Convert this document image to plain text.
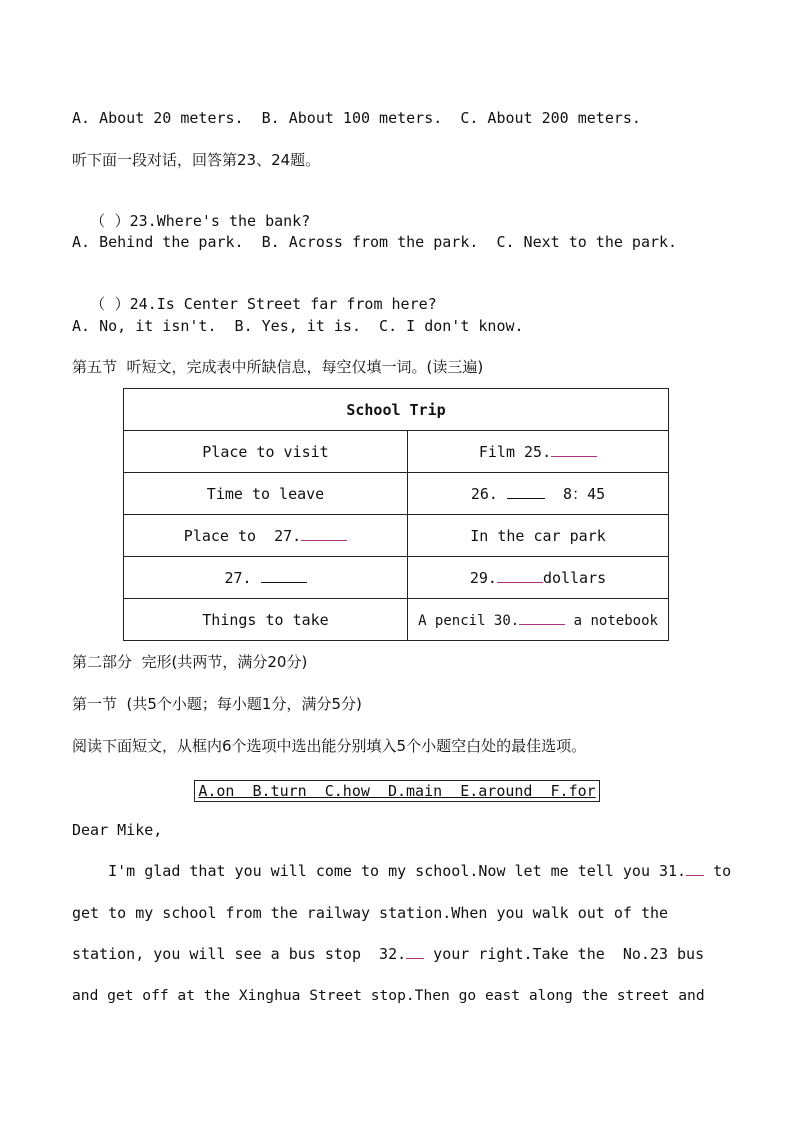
A. About 20 meters.  B. About 100 meters.  C. About 200 meters.
听下面一段对话，回答第23、24题。

（  ）23.Where's the bank?

A. Behind the park.  B. Across from the park.  C. Next to the park.

（  ）24.Is Center Street far from here?

A. No, it isn't.  B. Yes, it is.  C. I don't know.
第五节  听短文，完成表中所缺信息，每空仅填一词。(读三遍)
School Trip	
Place to visit	Film 25.
Time to leave	26. 8：45
Place to  27.	In the car park
27.	29. dollars
Things to take	A pencil 30. a notebook
第二部分  完形(共两节，满分20分)
第一节  (共5个小题；每小题1分，满分5分)
阅读下面短文，从框内6个选项中选出能分别填入5个小题空白处的最佳选项。
A.on  B.turn  C.how  D.main  E.around  F.for
Dear Mike,
I'm glad that you will come to my school.Now let me tell you 31. to
get to my school from the railway station.When you walk out of the
station, you will see a bus stop  32. your right.Take the  No.23 bus
and get off at the Xinghua Street stop.Then go east along the street and
